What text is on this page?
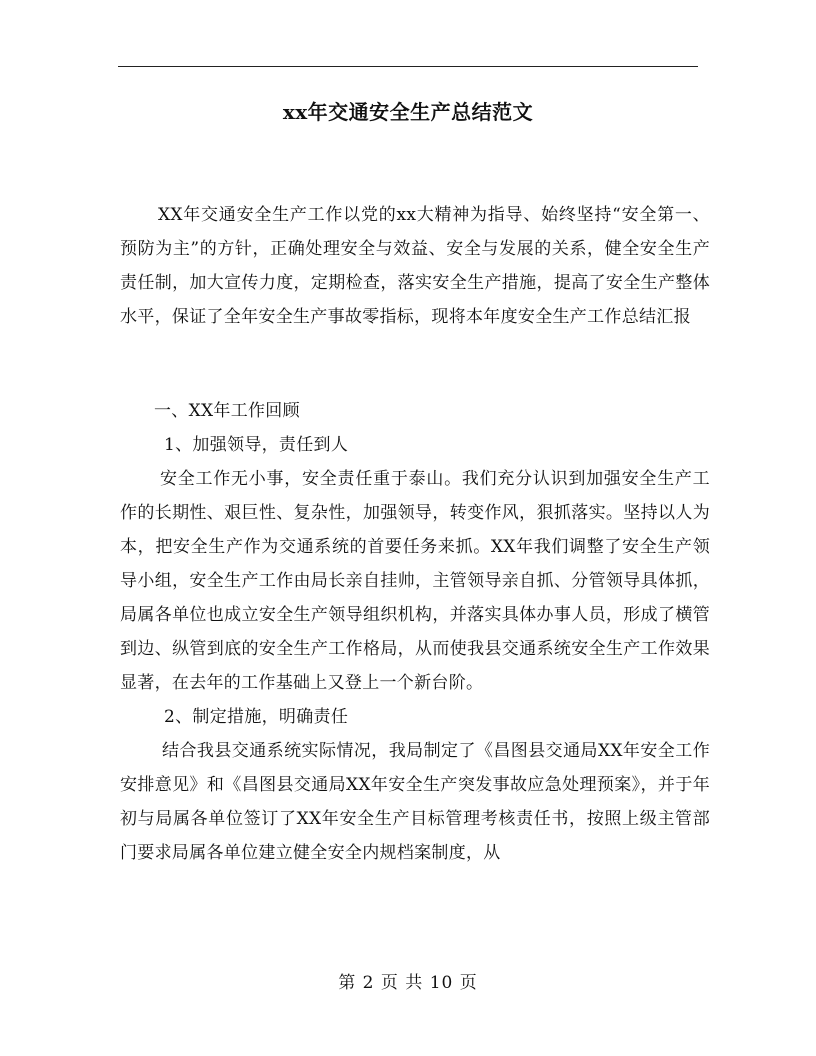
xx年交通安全生产总结范文

XX年交通安全生产工作以党的xx大精神为指导、始终坚持“安全第一、预防为主”的方针，正确处理安全与效益、安全与发展的关系，健全安全生产责任制，加大宣传力度，定期检查，落实安全生产措施，提高了安全生产整体水平，保证了全年安全生产事故零指标，现将本年度安全生产工作总结汇报

一、XX年工作回顾

1、加强领导，责任到人

安全工作无小事，安全责任重于泰山。我们充分认识到加强安全生产工作的长期性、艰巨性、复杂性，加强领导，转变作风，狠抓落实。坚持以人为本，把安全生产作为交通系统的首要任务来抓。XX年我们调整了安全生产领导小组，安全生产工作由局长亲自挂帅，主管领导亲自抓、分管领导具体抓，局属各单位也成立安全生产领导组织机构，并落实具体办事人员，形成了横管到边、纵管到底的安全生产工作格局，从而使我县交通系统安全生产工作效果显著，在去年的工作基础上又登上一个新台阶。

2、制定措施，明确责任

结合我县交通系统实际情况，我局制定了《昌图县交通局XX年安全工作安排意见》和《昌图县交通局XX年安全生产突发事故应急处理预案》，并于年初与局属各单位签订了XX年安全生产目标管理考核责任书，按照上级主管部门要求局属各单位建立健全安全内规档案制度，从

第 2 页 共 10 页
